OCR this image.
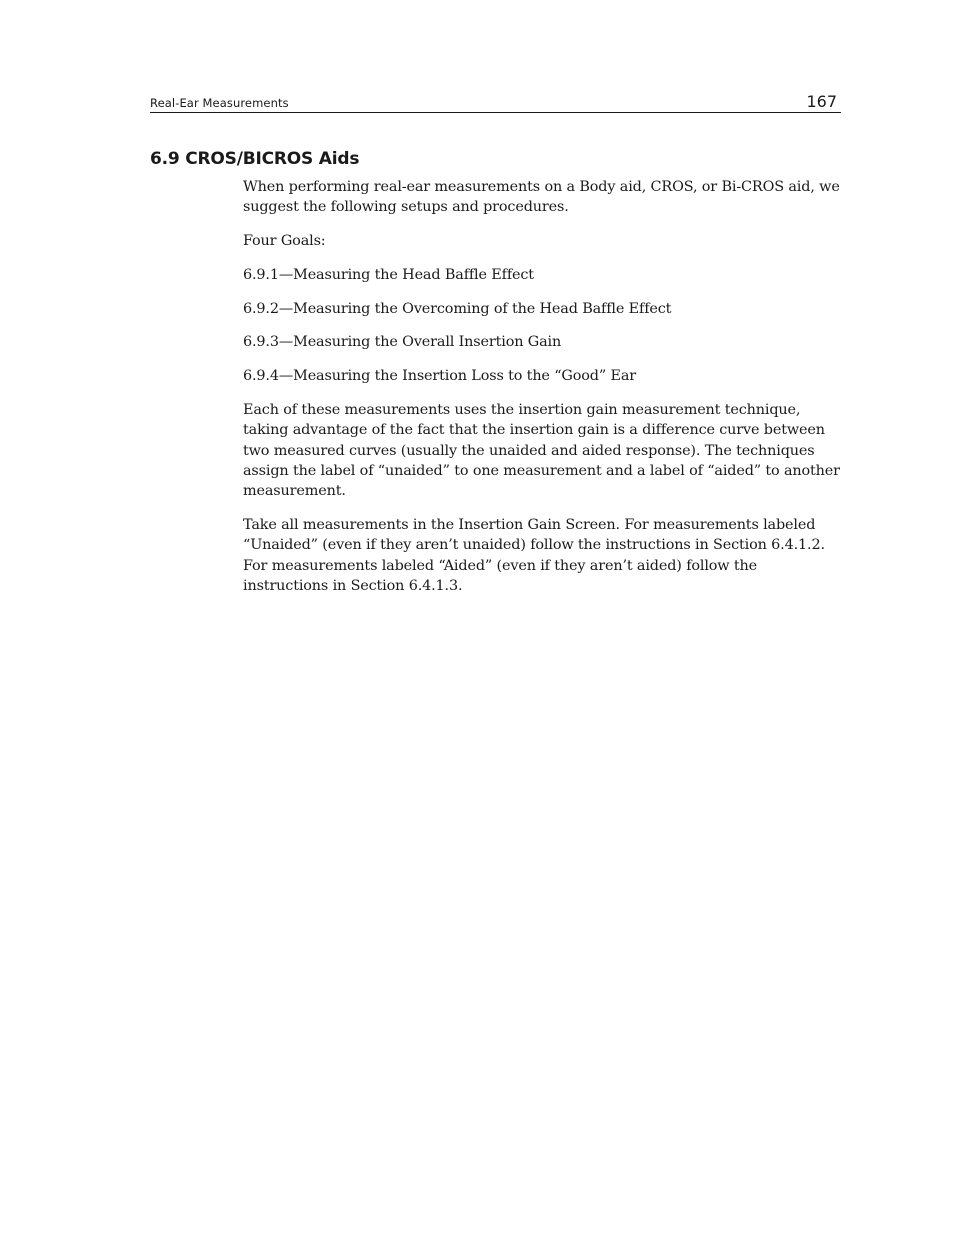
Real-Ear Measurements	167
6.9 CROS/BICROS Aids

When performing real-ear measurements on a Body aid, CROS, or Bi-CROS aid, we suggest the following setups and procedures.

Four Goals:

6.9.1—Measuring the Head Baffle Effect

6.9.2—Measuring the Overcoming of the Head Baffle Effect

6.9.3—Measuring the Overall Insertion Gain

6.9.4—Measuring the Insertion Loss to the “Good” Ear

Each of these measurements uses the insertion gain measurement technique, taking advantage of the fact that the insertion gain is a difference curve between two measured curves (usually the unaided and aided response). The techniques assign the label of “unaided” to one measurement and a label of “aided” to another measurement.

Take all measurements in the Insertion Gain Screen. For measurements labeled “Unaided” (even if they aren’t unaided) follow the instructions in Section 6.4.1.2. For measurements labeled “Aided” (even if they aren’t aided) follow the instructions in Section 6.4.1.3.
